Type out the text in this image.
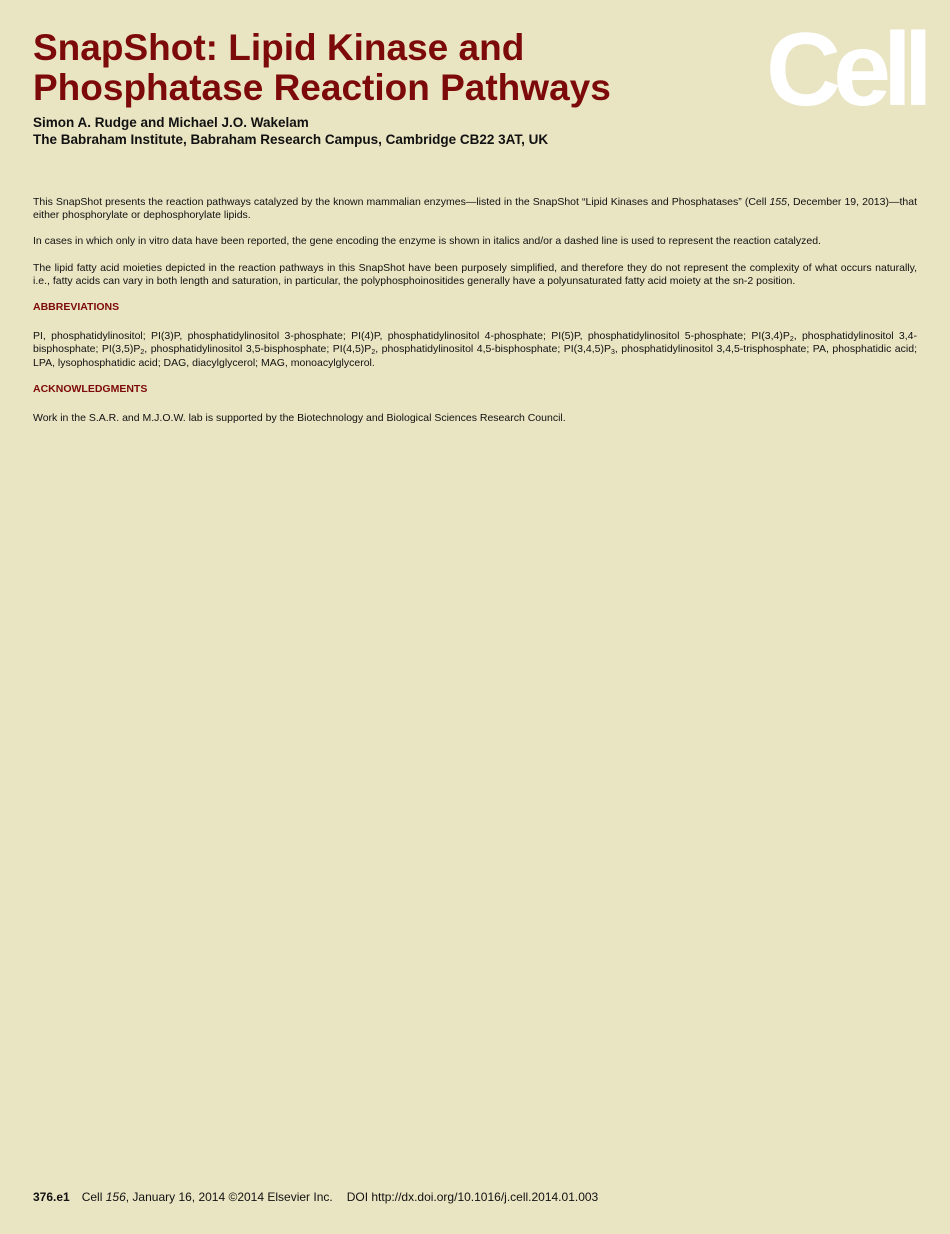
SnapShot: Lipid Kinase and
Phosphatase Reaction Pathways	Cell
Simon A. Rudge and Michael J.O. Wakelam
The Babraham Institute, Babraham Research Campus, Cambridge CB22 3AT, UK

This SnapShot presents the reaction pathways catalyzed by the known mammalian enzymes—listed in the SnapShot “Lipid Kinases and Phosphatases” (Cell 155, December 19, 2013)—that either phosphorylate or dephosphorylate lipids.

In cases in which only in vitro data have been reported, the gene encoding the enzyme is shown in italics and/or a dashed line is used to represent the reaction catalyzed.

The lipid fatty acid moieties depicted in the reaction pathways in this SnapShot have been purposely simplified, and therefore they do not represent the complexity of what occurs naturally, i.e., fatty acids can vary in both length and saturation, in particular, the polyphosphoinositides generally have a polyunsaturated fatty acid moiety at the sn-2 position.

ABBREVIATIONS

PI, phosphatidylinositol; PI(3)P, phosphatidylinositol 3-phosphate; PI(4)P, phosphatidylinositol 4-phosphate; PI(5)P, phosphatidylinositol 5-phosphate; $PI(3,4)P_2$, phosphatidylinositol 3,4-bisphosphate; $PI(3,5)P_2$, phosphatidylinositol 3,5-bisphosphate; $PI(4,5)P_2$, phosphatidylinositol 4,5-bisphosphate; $PI(3,4,5)P_3$, phosphatidylinositol 3,4,5-trisphosphate; PA, phosphatidic acid; LPA, lysophosphatidic acid; DAG, diacylglycerol; MAG, monoacylglycerol.

ACKNOWLEDGMENTS

Work in the S.A.R. and M.J.O.W. lab is supported by the Biotechnology and Biological Sciences Research Council.

376.e1 Cell 156, January 16, 2014 ©2014 Elsevier Inc. DOI http://dx.doi.org/10.1016/j.cell.2014.01.003
